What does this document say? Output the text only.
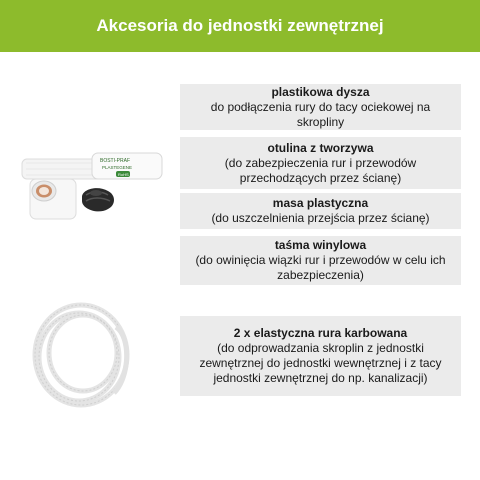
Akcesoria do jednostki zewnętrznej
BOSTI-PRAF
PLASTEGENE
RoHS
plastikowa dysza
do podłączenia rury do tacy ociekowej na skropliny
otulina z tworzywa
(do zabezpieczenia rur i przewodów przechodzących przez ścianę)
masa plastyczna
(do uszczelnienia przejścia przez ścianę)
taśma winylowa
(do owinięcia wiązki rur i przewodów w celu ich zabezpieczenia)
2 x elastyczna rura karbowana
(do odprowadzania skroplin z jednostki zewnętrznej do jednostki wewnętrznej i z tacy jednostki zewnętrznej do np. kanalizacji)
